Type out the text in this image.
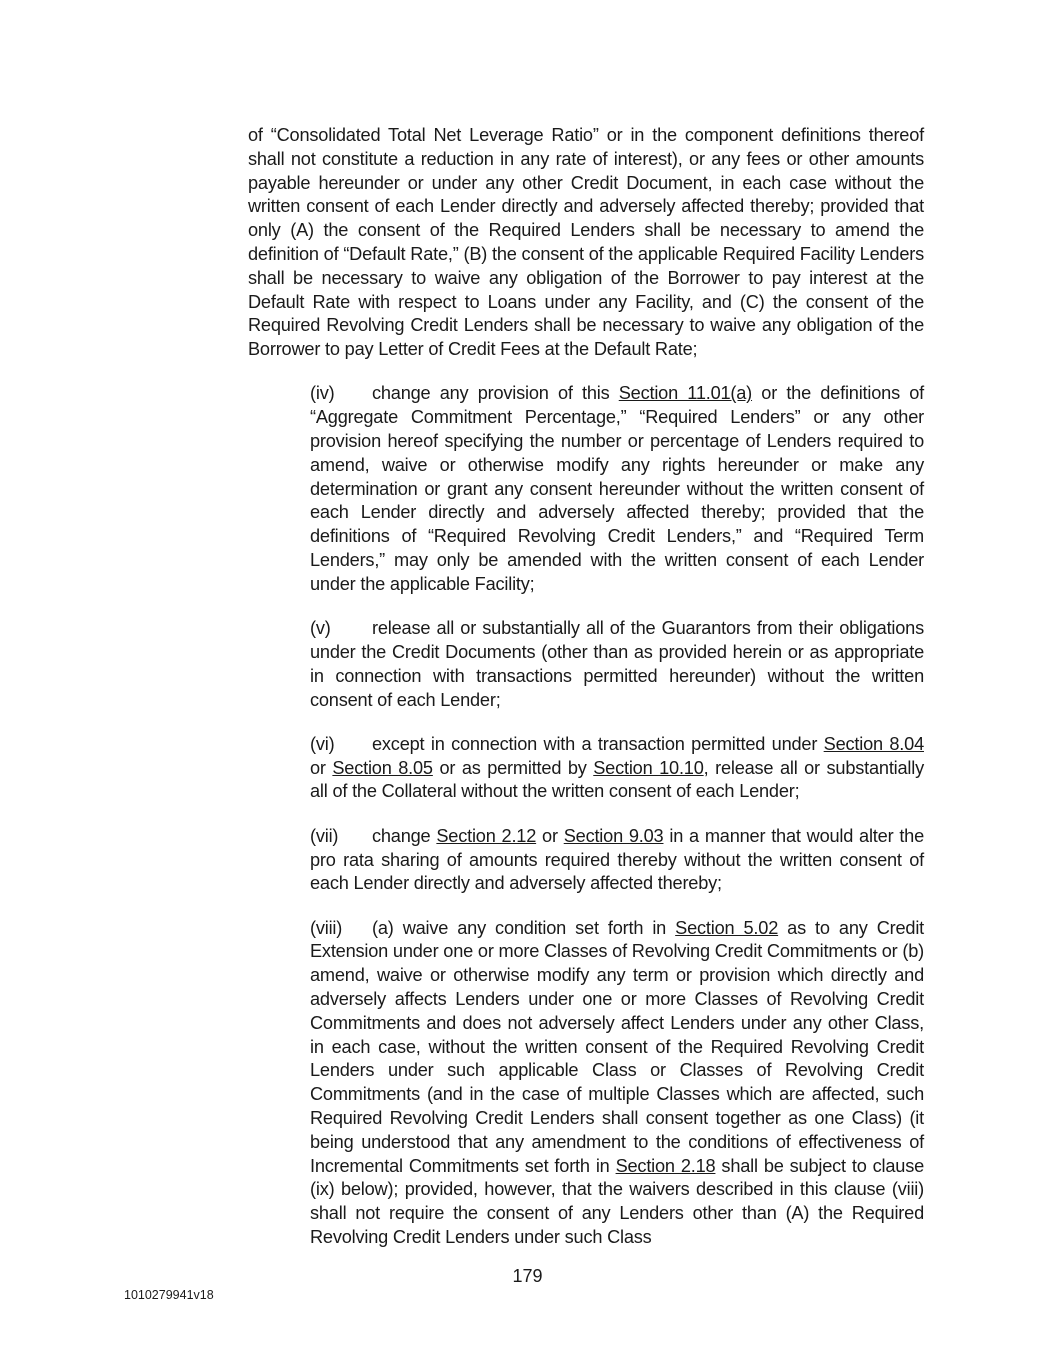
of “Consolidated Total Net Leverage Ratio” or in the component definitions thereof shall not constitute a reduction in any rate of interest), or any fees or other amounts payable hereunder or under any other Credit Document, in each case without the written consent of each Lender directly and adversely affected thereby; provided that only (A) the consent of the Required Lenders shall be necessary to amend the definition of “Default Rate,” (B) the consent of the applicable Required Facility Lenders shall be necessary to waive any obligation of the Borrower to pay interest at the Default Rate with respect to Loans under any Facility, and (C) the consent of the Required Revolving Credit Lenders shall be necessary to waive any obligation of the Borrower to pay Letter of Credit Fees at the Default Rate;

(iv) change any provision of this Section 11.01(a) or the definitions of “Aggregate Commitment Percentage,” “Required Lenders” or any other provision hereof specifying the number or percentage of Lenders required to amend, waive or otherwise modify any rights hereunder or make any determination or grant any consent hereunder without the written consent of each Lender directly and adversely affected thereby; provided that the definitions of “Required Revolving Credit Lenders,” and “Required Term Lenders,” may only be amended with the written consent of each Lender under the applicable Facility;

(v) release all or substantially all of the Guarantors from their obligations under the Credit Documents (other than as provided herein or as appropriate in connection with transactions permitted hereunder) without the written consent of each Lender;

(vi) except in connection with a transaction permitted under Section 8.04 or Section 8.05 or as permitted by Section 10.10, release all or substantially all of the Collateral without the written consent of each Lender;

(vii) change Section 2.12 or Section 9.03 in a manner that would alter the pro rata sharing of amounts required thereby without the written consent of each Lender directly and adversely affected thereby;

(viii) (a) waive any condition set forth in Section 5.02 as to any Credit Extension under one or more Classes of Revolving Credit Commitments or (b) amend, waive or otherwise modify any term or provision which directly and adversely affects Lenders under one or more Classes of Revolving Credit Commitments and does not adversely affect Lenders under any other Class, in each case, without the written consent of the Required Revolving Credit Lenders under such applicable Class or Classes of Revolving Credit Commitments (and in the case of multiple Classes which are affected, such Required Revolving Credit Lenders shall consent together as one Class) (it being understood that any amendment to the conditions of effectiveness of Incremental Commitments set forth in Section 2.18 shall be subject to clause (ix) below); provided, however, that the waivers described in this clause (viii) shall not require the consent of any Lenders other than (A) the Required Revolving Credit Lenders under such Class

179
1010279941v18
